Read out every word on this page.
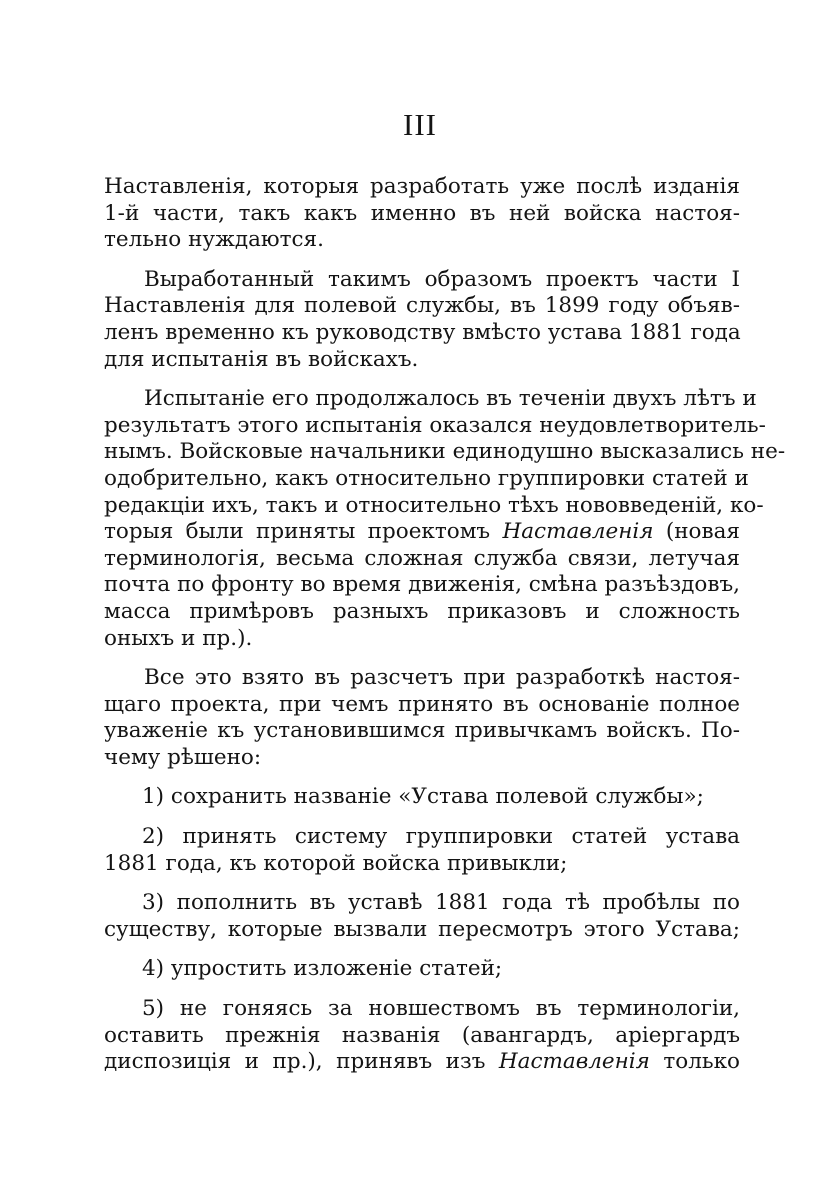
III
Наставленія, которыя разработать уже послѣ изданія
1-й части, такъ какъ именно въ ней войска настоя-
тельно нуждаются.
Выработанный такимъ образомъ проектъ части I
Наставленія для полевой службы, въ 1899 году объяв-
ленъ временно къ руководству вмѣсто устава 1881 года
для испытанія въ войскахъ.
Испытаніе его продолжалось въ теченіи двухъ лѣтъ и
результатъ этого испытанія оказался неудовлетворитель-
нымъ. Войсковые начальники единодушно высказались не-
одобрительно, какъ относительно группировки статей и
редакціи ихъ, такъ и относительно тѣхъ нововведеній, ко-
торыя были приняты проектомъ Наставленія (новая
терминологія, весьма сложная служба связи, летучая
почта по фронту во время движенія, смѣна разъѣздовъ,
масса примѣровъ разныхъ приказовъ и сложность
оныхъ и пр.).
Все это взято въ разсчетъ при разработкѣ настоя-
щаго проекта, при чемъ принято въ основаніе полное
уваженіе къ установившимся привычкамъ войскъ. По-
чему рѣшено:
1) сохранить названіе «Устава полевой службы»;
2) принять систему группировки статей устава
1881 года, къ которой войска привыкли;
3) пополнить въ уставѣ 1881 года тѣ пробѣлы по
существу, которые вызвали пересмотръ этого Устава;
4) упростить изложеніе статей;
5) не гоняясь за новшествомъ въ терминологіи,
оставить прежнія названія (авангардъ, аріергардъ
диспозиція и пр.), принявъ изъ Наставленія только
